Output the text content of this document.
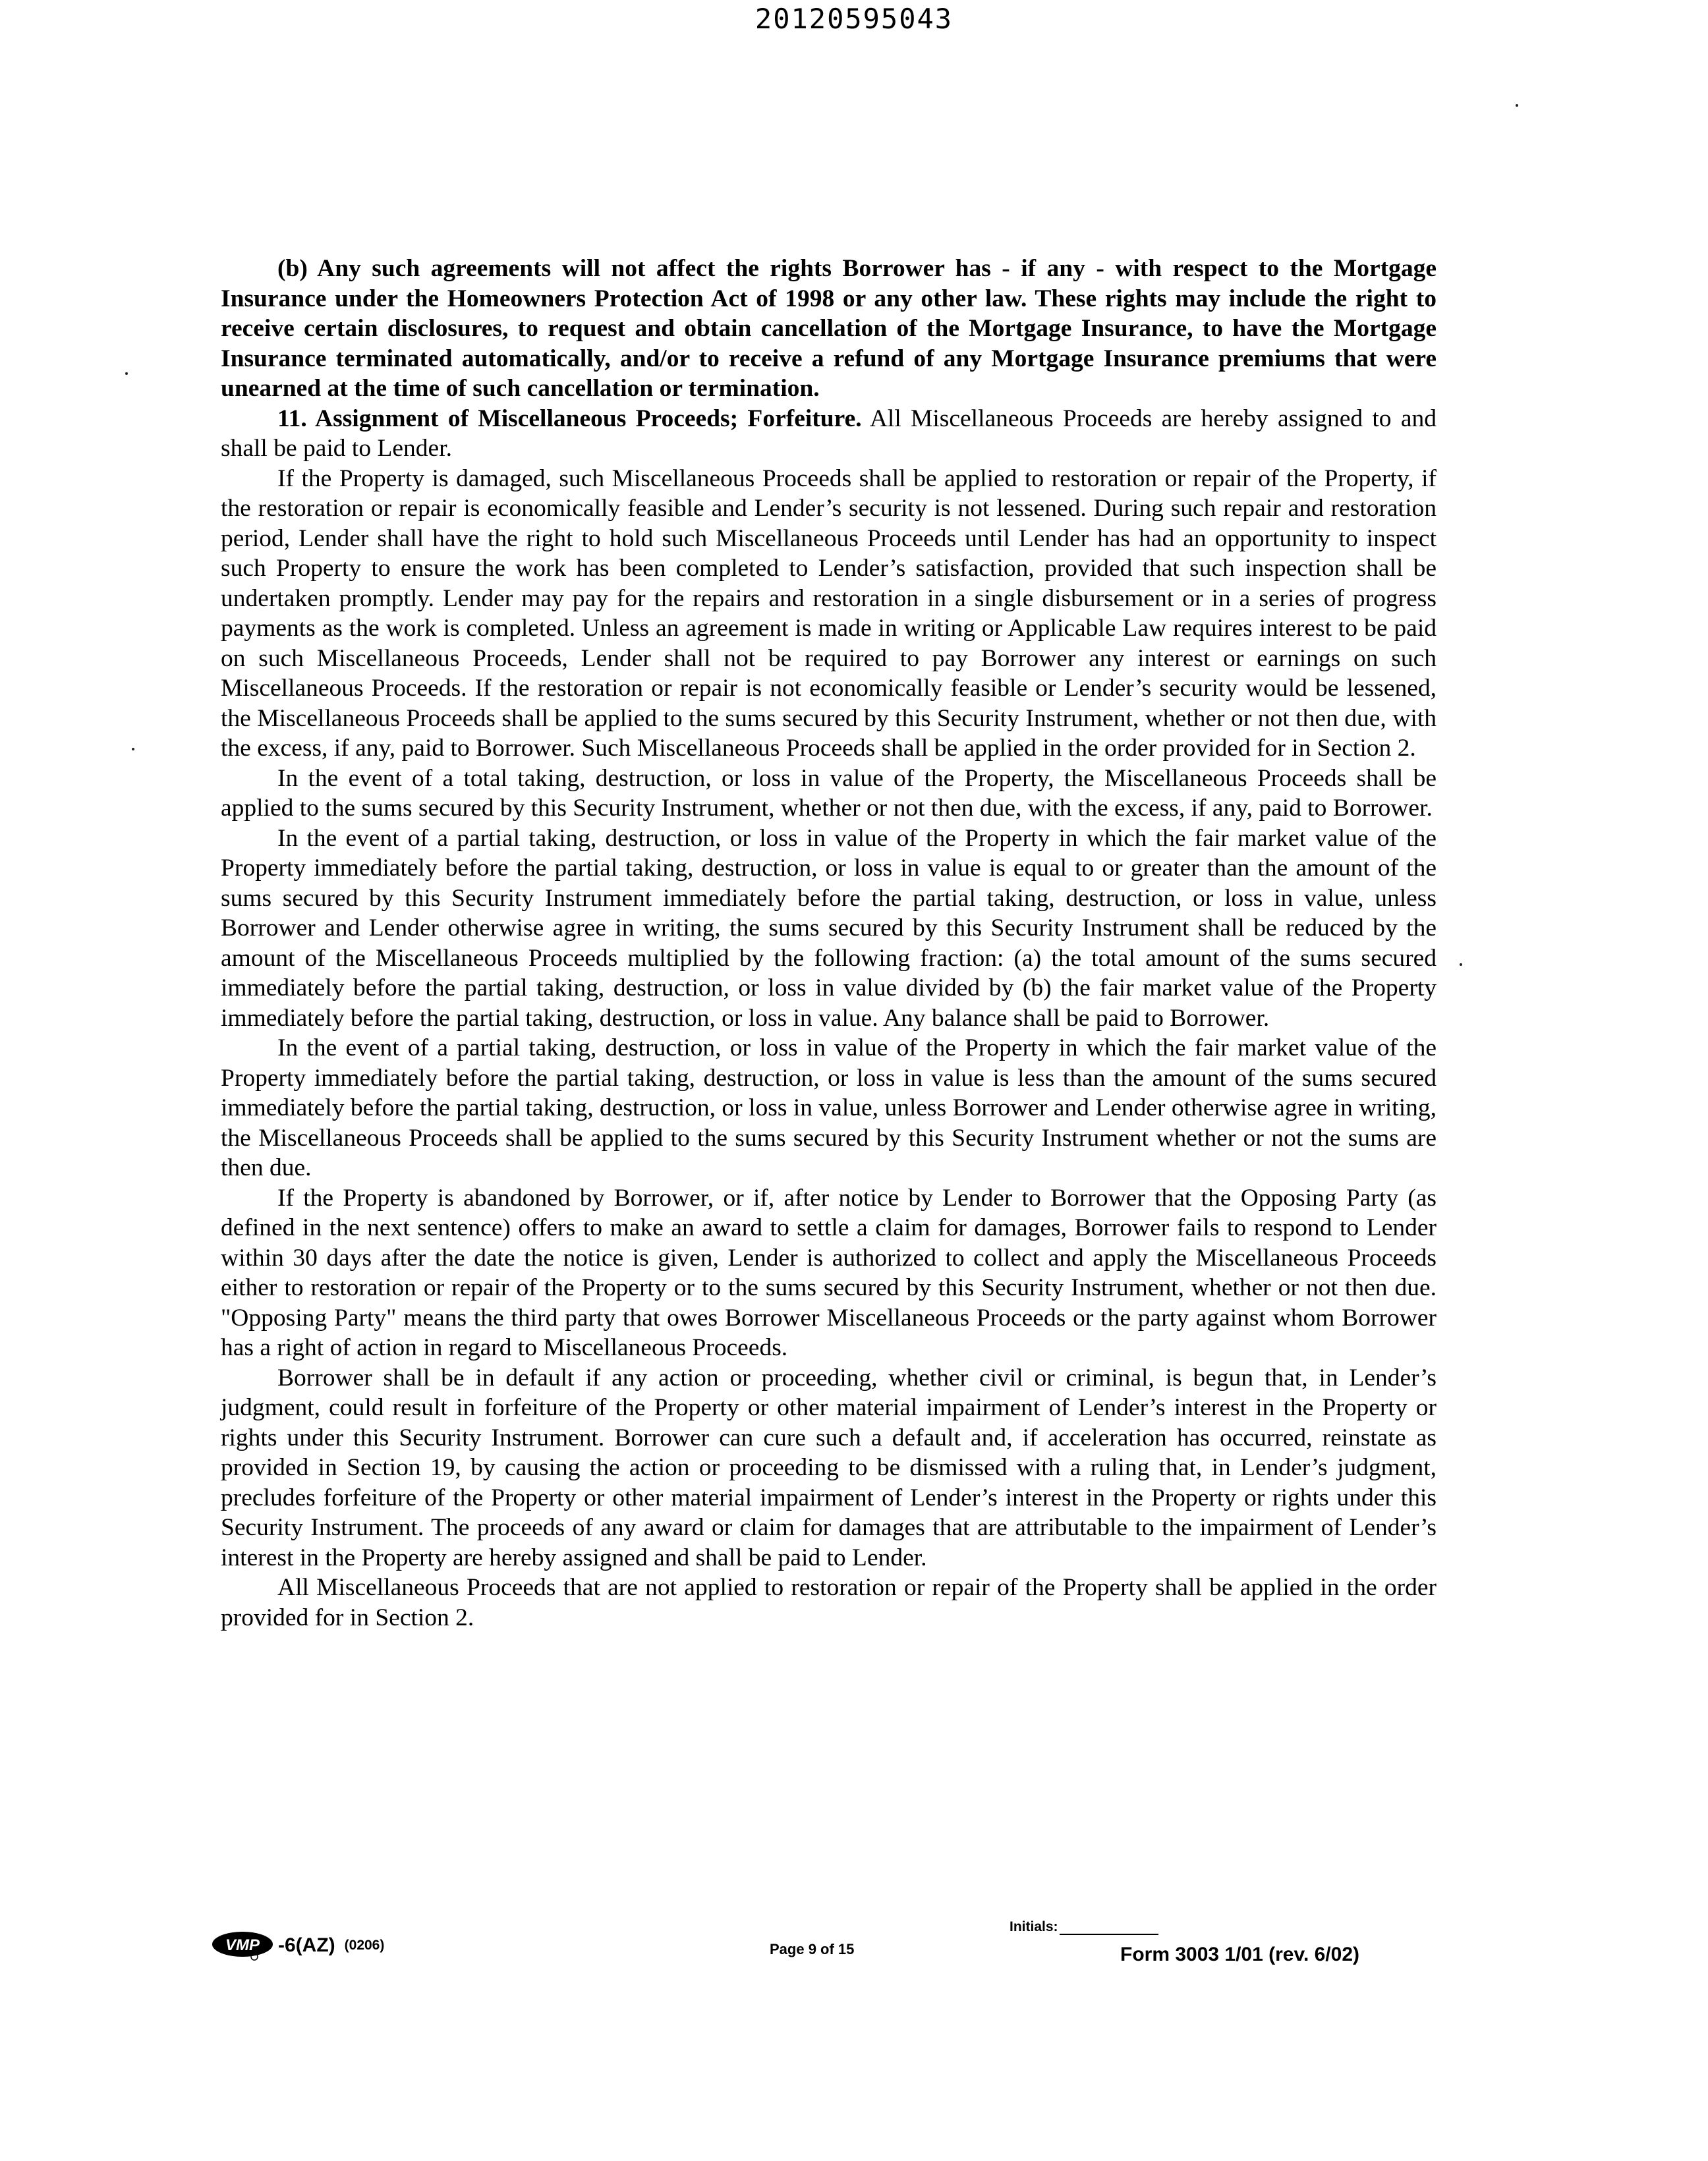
20120595043

(b) Any such agreements will not affect the rights Borrower has - if any - with respect to the Mortgage Insurance under the Homeowners Protection Act of 1998 or any other law. These rights may include the right to receive certain disclosures, to request and obtain cancellation of the Mortgage Insurance, to have the Mortgage Insurance terminated automatically, and/or to receive a refund of any Mortgage Insurance premiums that were unearned at the time of such cancellation or termination.

11. Assignment of Miscellaneous Proceeds; Forfeiture. All Miscellaneous Proceeds are hereby assigned to and shall be paid to Lender.

If the Property is damaged, such Miscellaneous Proceeds shall be applied to restoration or repair of the Property, if the restoration or repair is economically feasible and Lender’s security is not lessened. During such repair and restoration period, Lender shall have the right to hold such Miscellaneous Proceeds until Lender has had an opportunity to inspect such Property to ensure the work has been completed to Lender’s satisfaction, provided that such inspection shall be undertaken promptly. Lender may pay for the repairs and restoration in a single disbursement or in a series of progress payments as the work is completed. Unless an agreement is made in writing or Applicable Law requires interest to be paid on such Miscellaneous Proceeds, Lender shall not be required to pay Borrower any interest or earnings on such Miscellaneous Proceeds. If the restoration or repair is not economically feasible or Lender’s security would be lessened, the Miscellaneous Proceeds shall be applied to the sums secured by this Security Instrument, whether or not then due, with the excess, if any, paid to Borrower. Such Miscellaneous Proceeds shall be applied in the order provided for in Section 2.

In the event of a total taking, destruction, or loss in value of the Property, the Miscellaneous Proceeds shall be applied to the sums secured by this Security Instrument, whether or not then due, with the excess, if any, paid to Borrower.

In the event of a partial taking, destruction, or loss in value of the Property in which the fair market value of the Property immediately before the partial taking, destruction, or loss in value is equal to or greater than the amount of the sums secured by this Security Instrument immediately before the partial taking, destruction, or loss in value, unless Borrower and Lender otherwise agree in writing, the sums secured by this Security Instrument shall be reduced by the amount of the Miscellaneous Proceeds multiplied by the following fraction: (a) the total amount of the sums secured immediately before the partial taking, destruction, or loss in value divided by (b) the fair market value of the Property immediately before the partial taking, destruction, or loss in value. Any balance shall be paid to Borrower.

In the event of a partial taking, destruction, or loss in value of the Property in which the fair market value of the Property immediately before the partial taking, destruction, or loss in value is less than the amount of the sums secured immediately before the partial taking, destruction, or loss in value, unless Borrower and Lender otherwise agree in writing, the Miscellaneous Proceeds shall be applied to the sums secured by this Security Instrument whether or not the sums are then due.

If the Property is abandoned by Borrower, or if, after notice by Lender to Borrower that the Opposing Party (as defined in the next sentence) offers to make an award to settle a claim for damages, Borrower fails to respond to Lender within 30 days after the date the notice is given, Lender is authorized to collect and apply the Miscellaneous Proceeds either to restoration or repair of the Property or to the sums secured by this Security Instrument, whether or not then due. "Opposing Party" means the third party that owes Borrower Miscellaneous Proceeds or the party against whom Borrower has a right of action in regard to Miscellaneous Proceeds.

Borrower shall be in default if any action or proceeding, whether civil or criminal, is begun that, in Lender’s judgment, could result in forfeiture of the Property or other material impairment of Lender’s interest in the Property or rights under this Security Instrument. Borrower can cure such a default and, if acceleration has occurred, reinstate as provided in Section 19, by causing the action or proceeding to be dismissed with a ruling that, in Lender’s judgment, precludes forfeiture of the Property or other material impairment of Lender’s interest in the Property or rights under this Security Instrument. The proceeds of any award or claim for damages that are attributable to the impairment of Lender’s interest in the Property are hereby assigned and shall be paid to Lender.

All Miscellaneous Proceeds that are not applied to restoration or repair of the Property shall be applied in the order provided for in Section 2.

VMP -6(AZ) (0206)	Page 9 of 15
Initials:
Form 3003 1/01 (rev. 6/02)
